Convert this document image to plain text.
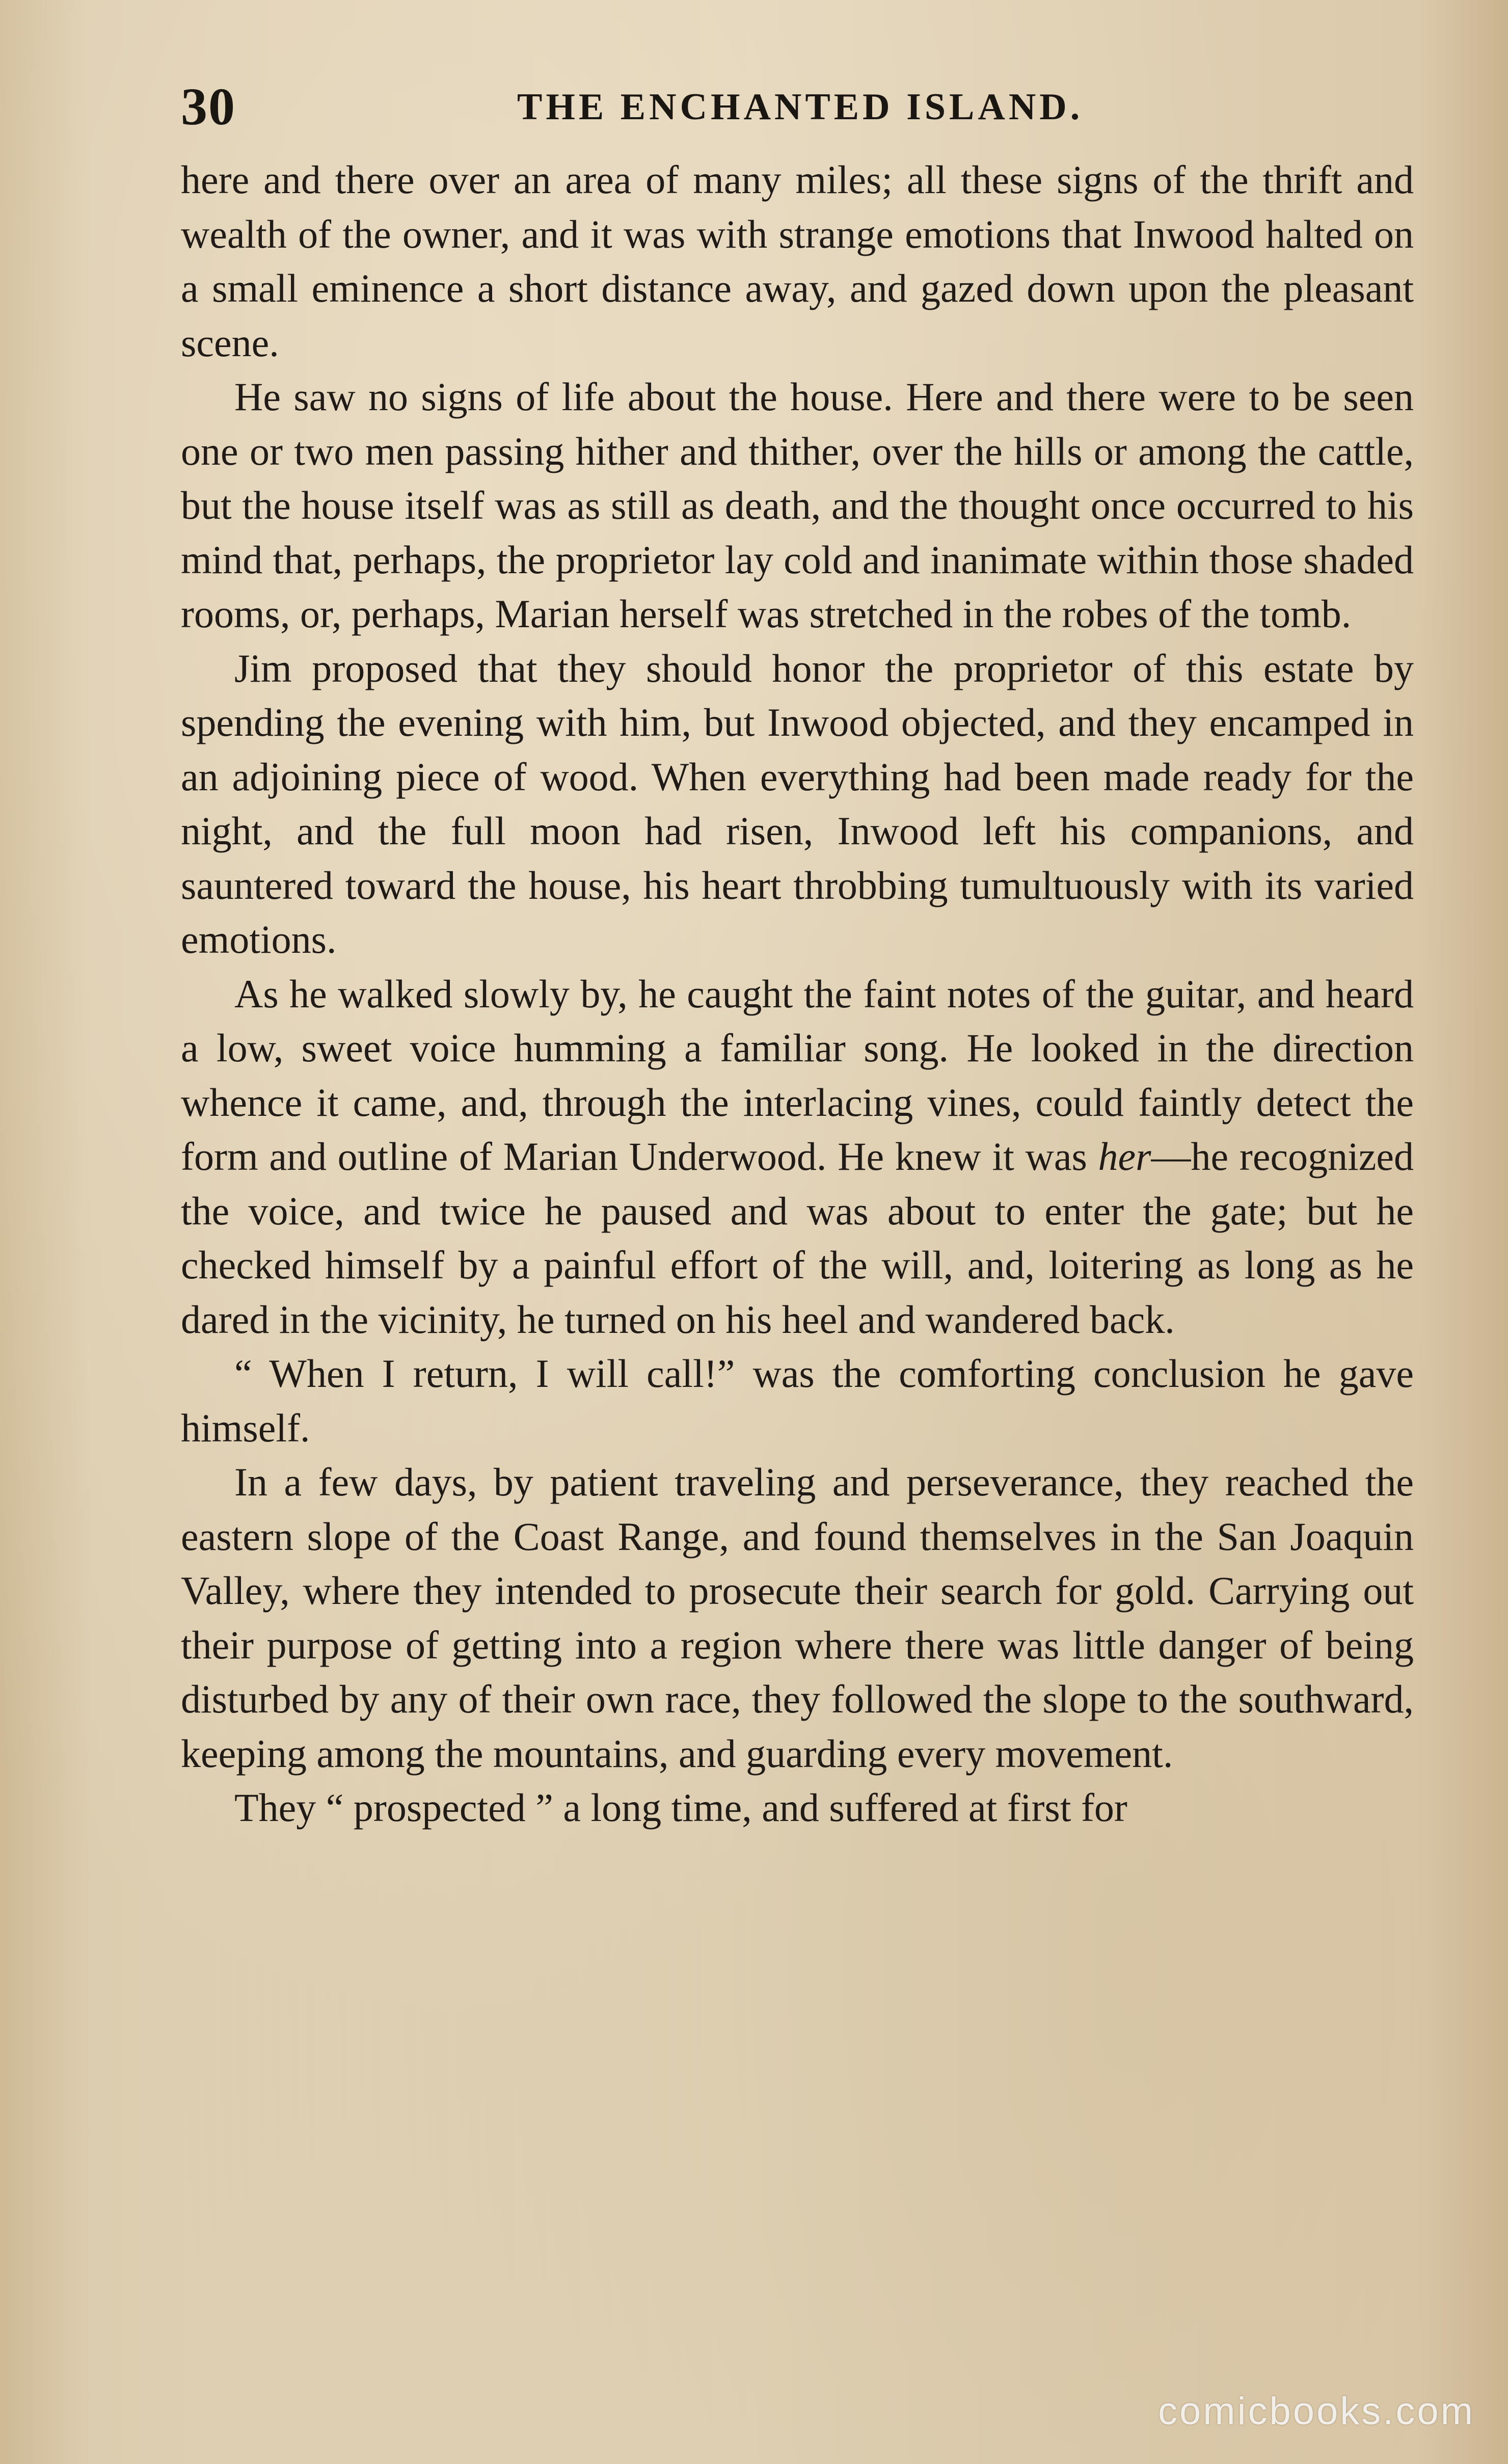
30	THE ENCHANTED ISLAND.

here and there over an area of many miles; all these signs of the thrift and wealth of the owner, and it was with strange emotions that Inwood halted on a small eminence a short distance away, and gazed down upon the pleasant scene.

He saw no signs of life about the house. Here and there were to be seen one or two men passing hither and thither, over the hills or among the cattle, but the house itself was as still as death, and the thought once occurred to his mind that, perhaps, the proprietor lay cold and inanimate within those shaded rooms, or, perhaps, Marian herself was stretched in the robes of the tomb.

Jim proposed that they should honor the proprietor of this estate by spending the evening with him, but Inwood objected, and they encamped in an adjoining piece of wood. When everything had been made ready for the night, and the full moon had risen, Inwood left his companions, and sauntered toward the house, his heart throbbing tumultuously with its varied emotions.

As he walked slowly by, he caught the faint notes of the guitar, and heard a low, sweet voice humming a familiar song. He looked in the direction whence it came, and, through the interlacing vines, could faintly detect the form and outline of Marian Underwood. He knew it was her—he recognized the voice, and twice he paused and was about to enter the gate; but he checked himself by a painful effort of the will, and, loitering as long as he dared in the vicinity, he turned on his heel and wandered back.

“ When I return, I will call!” was the comforting conclusion he gave himself.

In a few days, by patient traveling and perseverance, they reached the eastern slope of the Coast Range, and found themselves in the San Joaquin Valley, where they intended to prosecute their search for gold. Carrying out their purpose of getting into a region where there was little danger of being disturbed by any of their own race, they followed the slope to the southward, keeping among the mountains, and guarding every movement.

They “ prospected ” a long time, and suffered at first for

comicbooks.com
